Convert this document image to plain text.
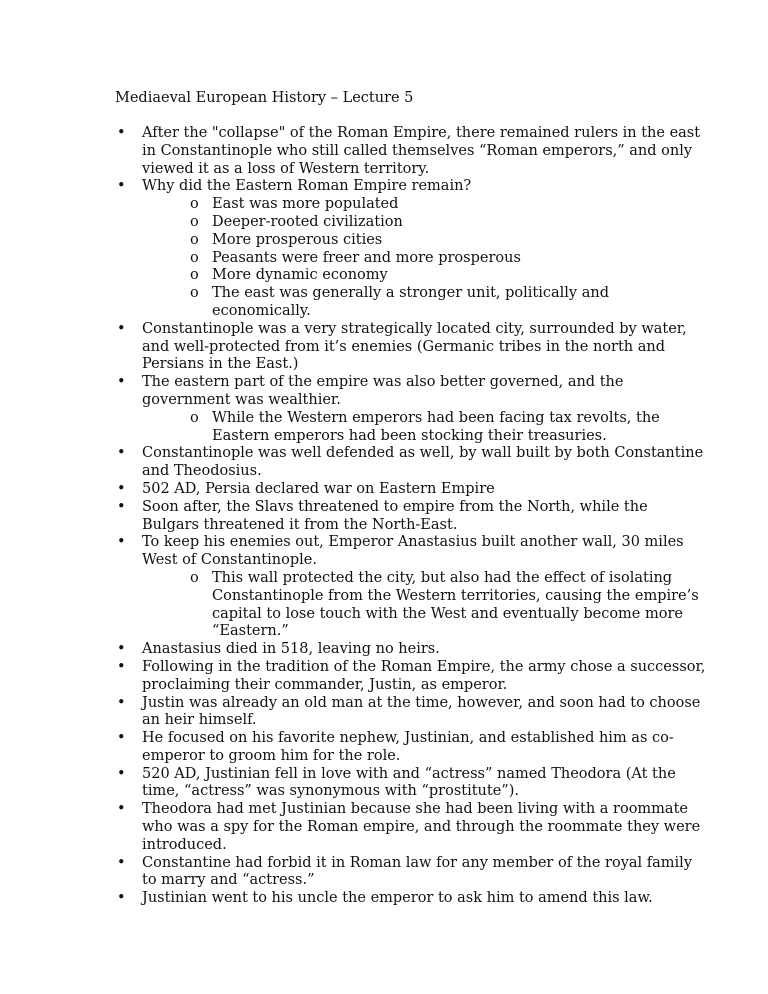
Mediaeval European History – Lecture 5
• After the "collapse" of the Roman Empire, there remained rulers in the east in Constantinople who still called themselves “Roman emperors,” and only viewed it as a loss of Western territory.
• Why did the Eastern Roman Empire remain?
o East was more populated
o Deeper-rooted civilization
o More prosperous cities
o Peasants were freer and more prosperous
o More dynamic economy
o The east was generally a stronger unit, politically and economically.
• Constantinople was a very strategically located city, surrounded by water, and well-protected from it’s enemies (Germanic tribes in the north and Persians in the East.)
• The eastern part of the empire was also better governed, and the government was wealthier.
o While the Western emperors had been facing tax revolts, the Eastern emperors had been stocking their treasuries.
• Constantinople was well defended as well, by wall built by both Constantine and Theodosius.
• 502 AD, Persia declared war on Eastern Empire
• Soon after, the Slavs threatened to empire from the North, while the Bulgars threatened it from the North-East.
• To keep his enemies out, Emperor Anastasius built another wall, 30 miles West of Constantinople.
o This wall protected the city, but also had the effect of isolating Constantinople from the Western territories, causing the empire’s capital to lose touch with the West and eventually become more “Eastern.”
• Anastasius died in 518, leaving no heirs.
• Following in the tradition of the Roman Empire, the army chose a successor, proclaiming their commander, Justin, as emperor.
• Justin was already an old man at the time, however, and soon had to choose an heir himself.
• He focused on his favorite nephew, Justinian, and established him as co-emperor to groom him for the role.
• 520 AD, Justinian fell in love with and “actress” named Theodora (At the time, “actress” was synonymous with “prostitute”).
• Theodora had met Justinian because she had been living with a roommate who was a spy for the Roman empire, and through the roommate they were introduced.
• Constantine had forbid it in Roman law for any member of the royal family to marry and “actress.”
• Justinian went to his uncle the emperor to ask him to amend this law.
